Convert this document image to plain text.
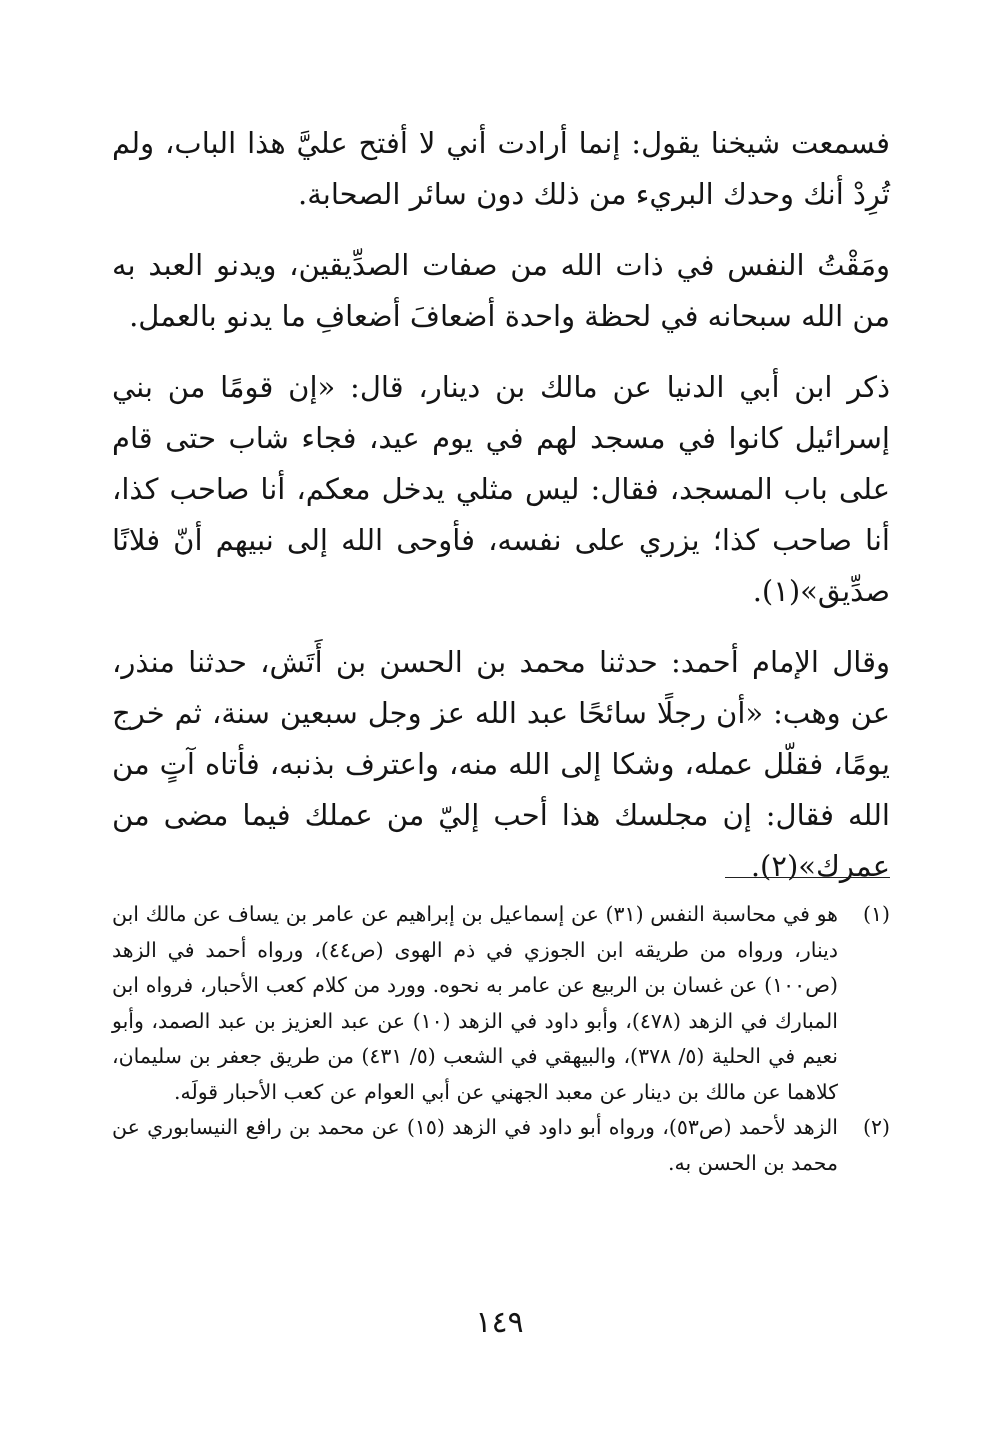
فسمعت شيخنا يقول: إنما أرادت أني لا أفتح عليَّ هذا الباب، ولم تُرِدْ أنك وحدك البريء من ذلك دون سائر الصحابة.

ومَقْتُ النفس في ذات الله من صفات الصدِّيقين، ويدنو العبد به من الله سبحانه في لحظة واحدة أضعافَ أضعافِ ما يدنو بالعمل.

ذكر ابن أبي الدنيا عن مالك بن دينار، قال: «إن قومًا من بني إسرائيل كانوا في مسجد لهم في يوم عيد، فجاء شاب حتى قام على باب المسجد، فقال: ليس مثلي يدخل معكم، أنا صاحب كذا، أنا صاحب كذا؛ يزري على نفسه، فأوحى الله إلى نبيهم أنّ فلانًا صدِّيق»(١).

وقال الإمام أحمد: حدثنا محمد بن الحسن بن أَتَش، حدثنا منذر، عن وهب: «أن رجلًا سائحًا عبد الله عز وجل سبعين سنة، ثم خرج يومًا، فقلّل عمله، وشكا إلى الله منه، واعترف بذنبه، فأتاه آتٍ من الله فقال: إن مجلسك هذا أحب إليّ من عملك فيما مضى من عمرك»(٢).

(١)
هو في محاسبة النفس (٣١) عن إسماعيل بن إبراهيم عن عامر بن يساف عن مالك ابن دينار، ورواه من طريقه ابن الجوزي في ذم الهوى (ص٤٤)، ورواه أحمد في الزهد (ص١٠٠) عن غسان بن الربيع عن عامر به نحوه. وورد من كلام كعب الأحبار، فرواه ابن المبارك في الزهد (٤٧٨)، وأبو داود في الزهد (١٠) عن عبد العزيز بن عبد الصمد، وأبو نعيم في الحلية (٥/ ٣٧٨)، والبيهقي في الشعب (٥/ ٤٣١) من طريق جعفر بن سليمان، كلاهما عن مالك بن دينار عن معبد الجهني عن أبي العوام عن كعب الأحبار قولَه.
(٢)
الزهد لأحمد (ص٥٣)، ورواه أبو داود في الزهد (١٥) عن محمد بن رافع النيسابوري عن محمد بن الحسن به.
١٤٩
